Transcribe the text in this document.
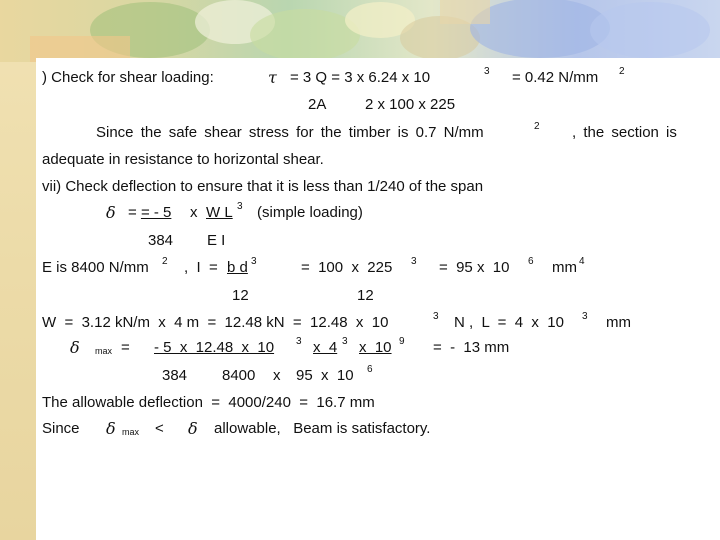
) Check for shear loading:	τ = 3 Q = 3 x 6.24 x 10	3 = 0.42 N/mm 2
2A	2 x 100 x 225
Since the safe shear stress for the timber is 0.7 N/mm	2 , the section is
adequate in resistance to horizontal shear.
vii) Check deflection to ensure that it is less than 1/240 of the span
δ = = - 5 x W L 3 (simple loading)
384 E I
E is 8400 N/mm 2 ,  I  = b d 3	=  100  x  225 3 =  95 x  10 6 mm 4
12	12
W  =  3.12 kN/m  x  4 m  =  12.48 kN  =  12.48  x  10	3 N ,  L  =  4  x  10 3 mm
δ max = - 5  x  12.48  x  10 3 x  4 3 x  10 9 =  -  13 mm
384 8400 x 95  x  10 6
The allowable deflection  =  4000/240  =  16.7 mm
Since δ max < δ allowable,   Beam is satisfactory.
